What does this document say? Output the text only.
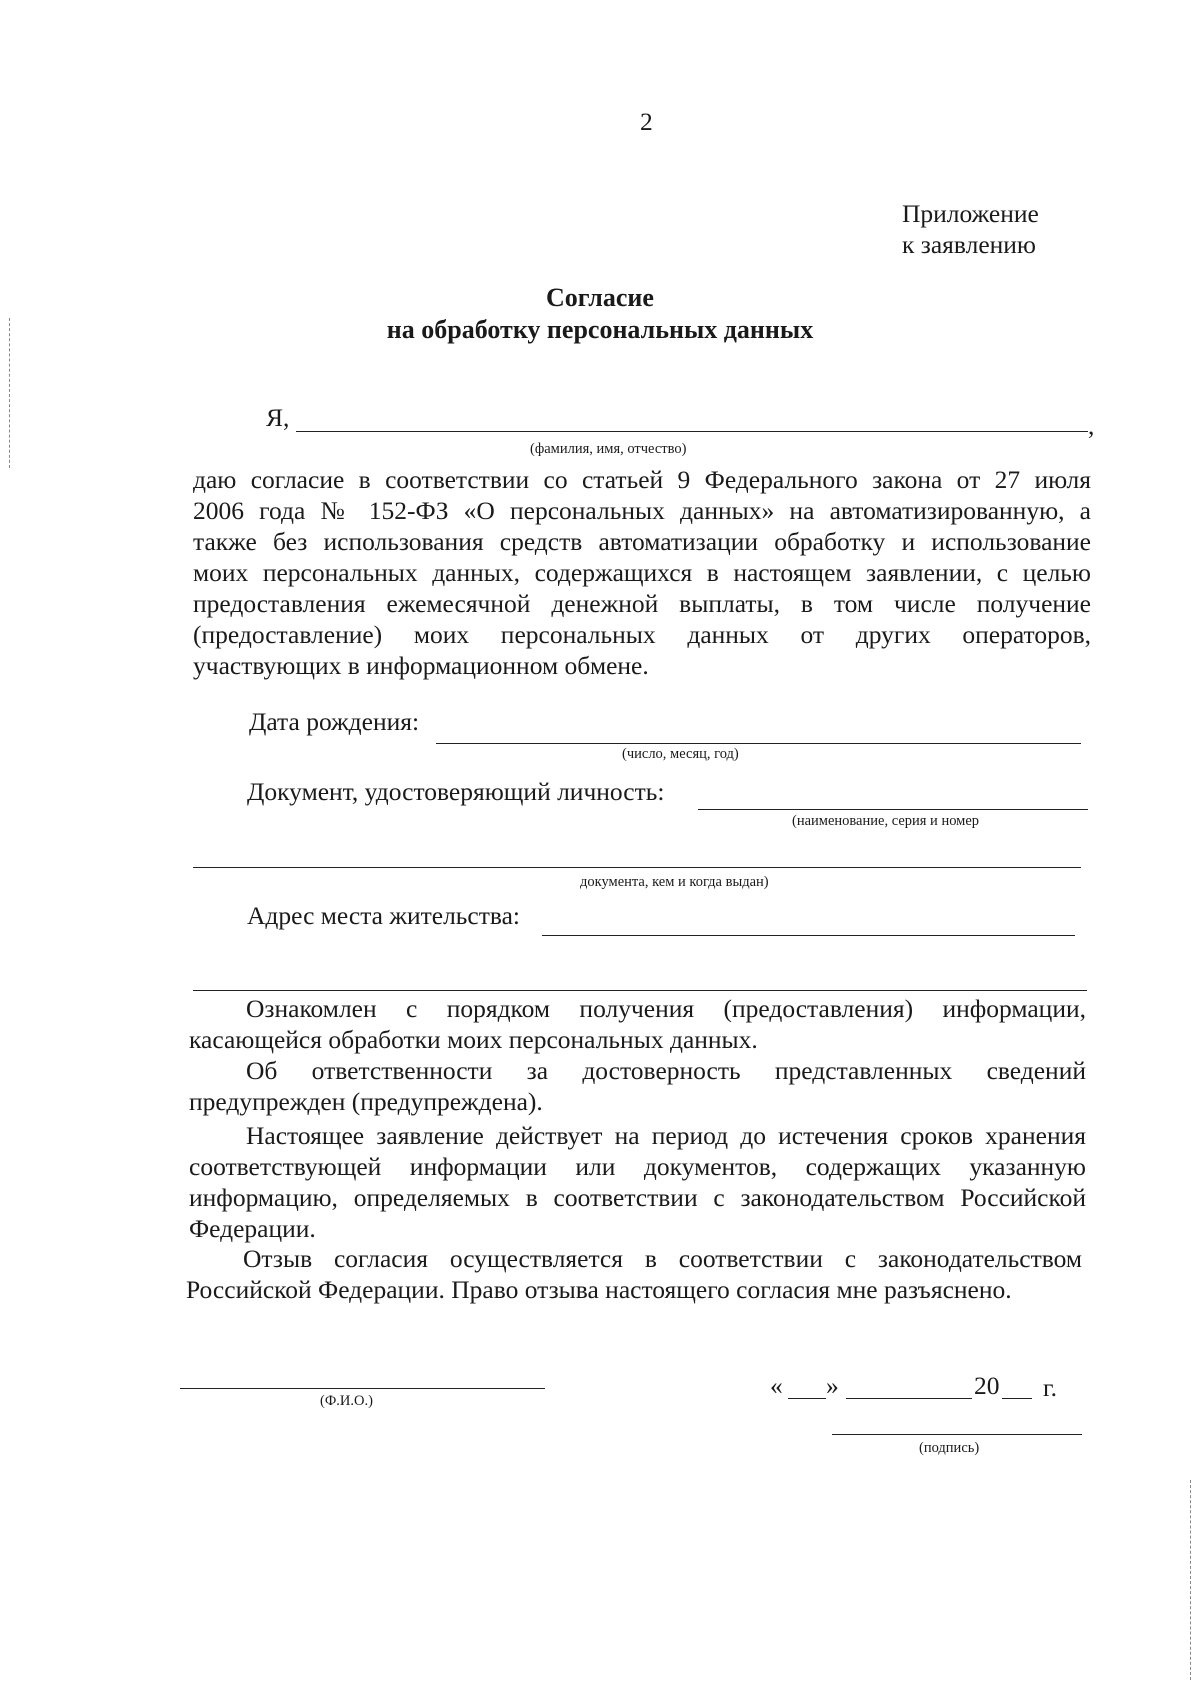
2
Приложение
к заявлению
Согласие
на обработку персональных данных
Я,	,
(фамилия, имя, отчество)
даю согласие в соответствии со статьей 9 Федерального закона от 27 июля
2006 года № 152-ФЗ «О персональных данных» на автоматизированную, а
также без использования средств автоматизации обработку и использование
моих персональных данных, содержащихся в настоящем заявлении, с целью
предоставления ежемесячной денежной выплаты, в том числе получение
(предоставление) моих персональных данных от других операторов,
участвующих в информационном обмене.
Дата рождения:
(число, месяц, год)
Документ, удостоверяющий личность:
(наименование, серия и номер
документа, кем и когда выдан)
Адрес места жительства:
Ознакомлен с порядком получения (предоставления) информации,
касающейся обработки моих персональных данных.
Об ответственности за достоверность представленных сведений
предупрежден (предупреждена).
Настоящее заявление действует на период до истечения сроков хранения
соответствующей информации или документов, содержащих указанную
информацию, определяемых в соответствии с законодательством Российской
Федерации.
Отзыв согласия осуществляется в соответствии с законодательством
Российской Федерации. Право отзыва настоящего согласия мне разъяснено.
(Ф.И.О.)
« »	20 г.
(подпись)
